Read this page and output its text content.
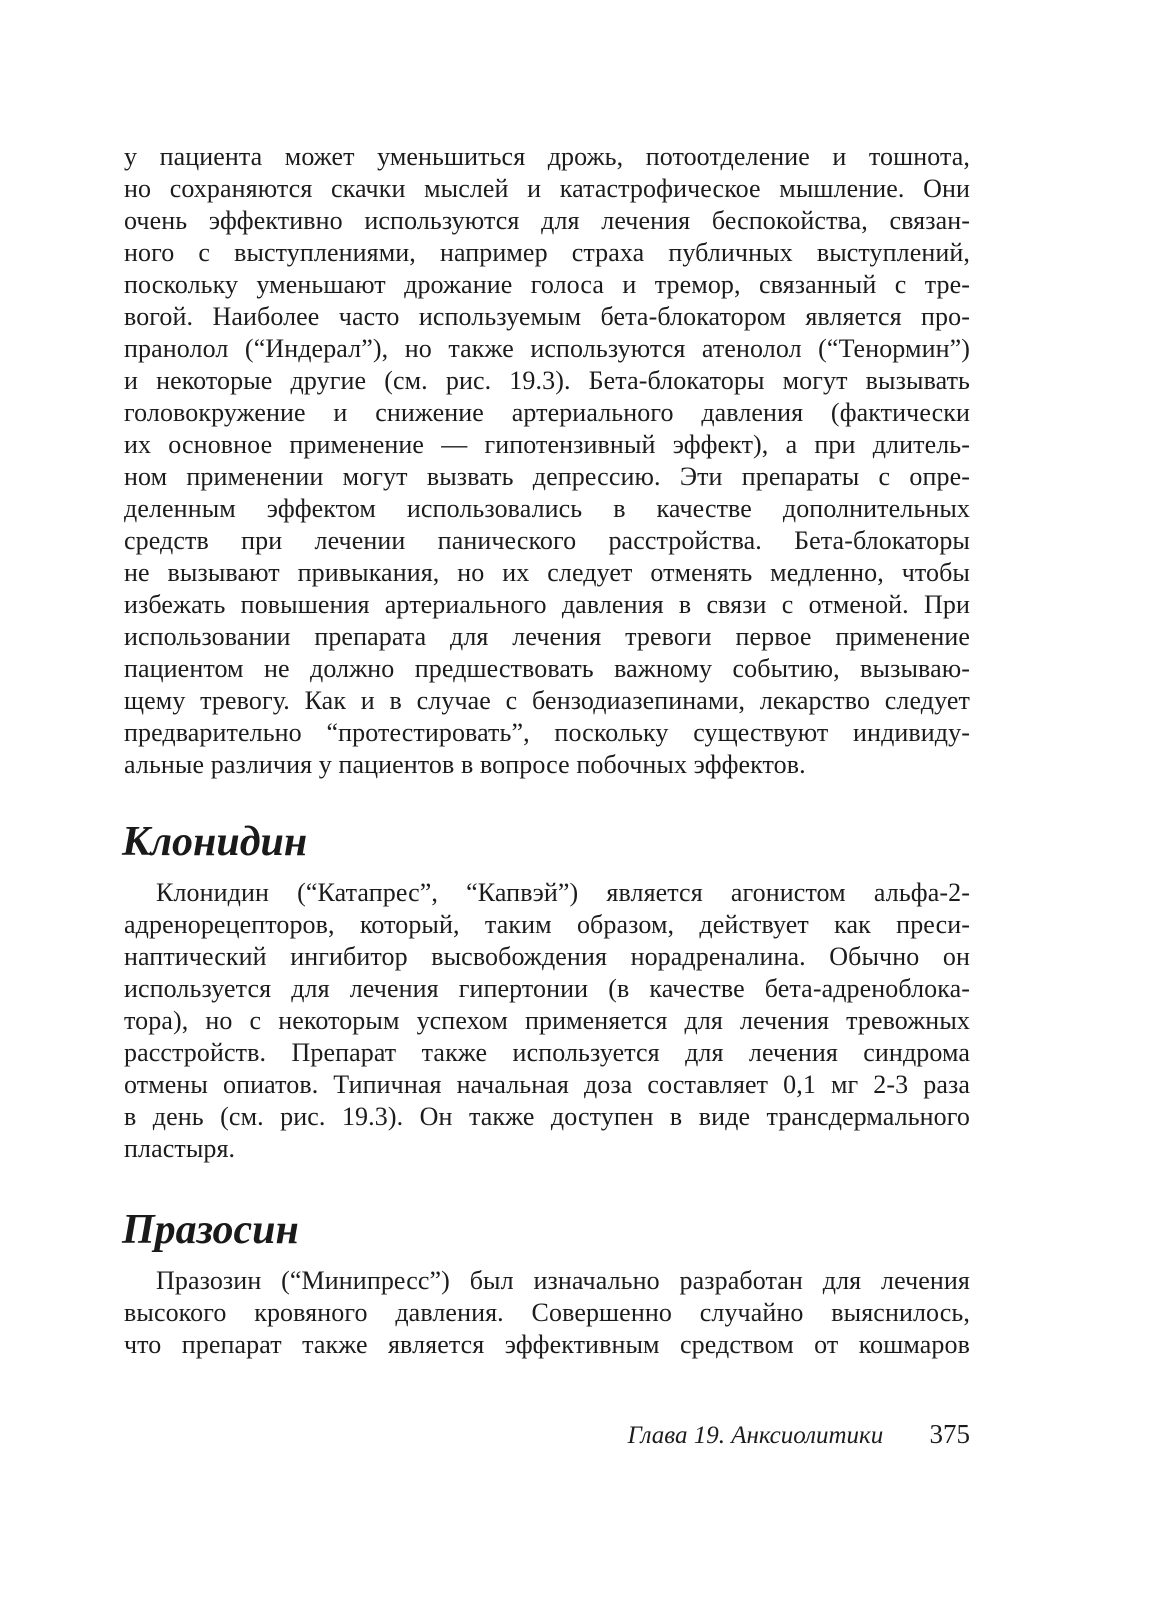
у пациента может уменьшиться дрожь, потоотделение и тошнота,
но сохраняются скачки мыслей и катастрофическое мышление. Они
очень эффективно используются для лечения беспокойства, связан-
ного с выступлениями, например страха публичных выступлений,
поскольку уменьшают дрожание голоса и тремор, связанный с тре-
вогой. Наиболее часто используемым бета-блокатором является про-
пранолол (“Индерал”), но также используются атенолол (“Тенормин”)
и некоторые другие (см. рис. 19.3). Бета-блокаторы могут вызывать
головокружение и снижение артериального давления (фактически
их основное применение — гипотензивный эффект), а при длитель-
ном применении могут вызвать депрессию. Эти препараты с опре-
деленным эффектом использовались в качестве дополнительных
средств при лечении панического расстройства. Бета-блокаторы
не вызывают привыкания, но их следует отменять медленно, чтобы
избежать повышения артериального давления в связи с отменой. При
использовании препарата для лечения тревоги первое применение
пациентом не должно предшествовать важному событию, вызываю-
щему тревогу. Как и в случае с бензодиазепинами, лекарство следует
предварительно “протестировать”, поскольку существуют индивиду-
альные различия у пациентов в вопросе побочных эффектов.
Клонидин
Клонидин (“Катапрес”, “Капвэй”) является агонистом альфа-2-
адренорецепторов, который, таким образом, действует как преси-
наптический ингибитор высвобождения норадреналина. Обычно он
используется для лечения гипертонии (в качестве бета-адреноблока-
тора), но с некоторым успехом применяется для лечения тревожных
расстройств. Препарат также используется для лечения синдрома
отмены опиатов. Типичная начальная доза составляет 0,1 мг 2-3 раза
в день (см. рис. 19.3). Он также доступен в виде трансдермального
пластыря.
Празосин
Празозин (“Минипресс”) был изначально разработан для лечения
высокого кровяного давления. Совершенно случайно выяснилось,
что препарат также является эффективным средством от кошмаров
Глава 19. Анксиолитики 375
